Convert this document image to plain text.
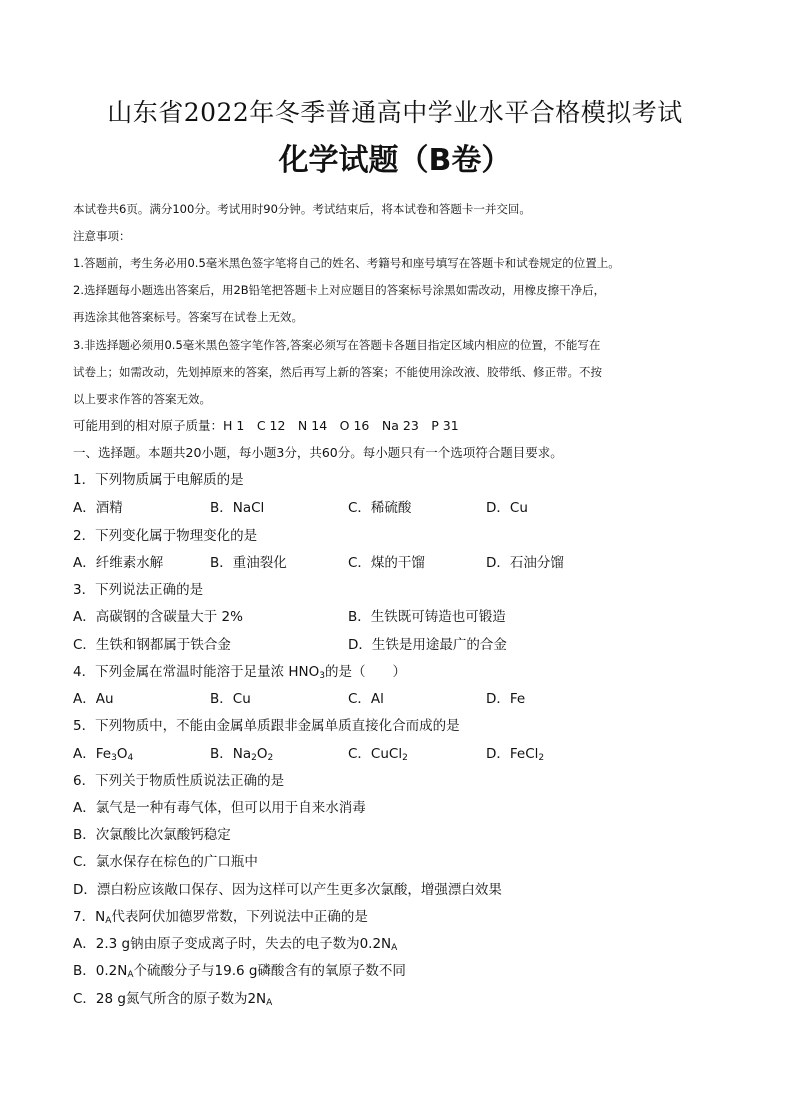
山东省2022年冬季普通高中学业水平合格模拟考试
化学试题（B卷）
本试卷共6页。满分100分。考试用时90分钟。考试结束后，将本试卷和答题卡一并交回。
注意事项：
1.答题前，考生务必用0.5毫米黑色签字笔将自己的姓名、考籍号和座号填写在答题卡和试卷规定的位置上。
2.选择题每小题选出答案后，用2B铅笔把答题卡上对应题目的答案标号涂黑如需改动，用橡皮擦干净后，
再选涂其他答案标号。答案写在试卷上无效。
3.非选择题必须用0.5毫米黑色签字笔作答,答案必须写在答题卡各题目指定区域内相应的位置，不能写在
试卷上；如需改动，先划掉原来的答案，然后再写上新的答案；不能使用涂改液、胶带纸、修正带。不按
以上要求作答的答案无效。
可能用到的相对原子质量：H 1　C 12　N 14　O 16　Na 23　P 31
一、选择题。本题共20小题，每小题3分，共60分。每小题只有一个选项符合题目要求。
1．下列物质属于电解质的是
A．酒精	B．NaCl	C．稀硫酸	D．Cu
2．下列变化属于物理变化的是
A．纤维素水解	B．重油裂化	C．煤的干馏	D．石油分馏
3．下列说法正确的是
A．高碳钢的含碳量大于 2%	B．生铁既可铸造也可锻造
C．生铁和钢都属于铁合金	D．生铁是用途最广的合金
4．下列金属在常温时能溶于足量浓 $HNO_3$的是（　　）
A．Au	B．Cu	C．Al	D．Fe
5．下列物质中，不能由金属单质跟非金属单质直接化合而成的是
A．$Fe_3O_4$	B．$Na_2O_2$	C．CuCl$_2$	D．FeCl$_2$
6．下列关于物质性质说法正确的是
A．氯气是一种有毒气体，但可以用于自来水消毒
B．次氯酸比次氯酸钙稳定
C．氯水保存在棕色的广口瓶中
D．漂白粉应该敞口保存、因为这样可以产生更多次氯酸，增强漂白效果
7．$N_A$代表阿伏加德罗常数，下列说法中正确的是
A．2.3 g钠由原子变成离子时，失去的电子数为$0.2N_A$
B．$0.2N_A$个硫酸分子与19.6 g磷酸含有的氧原子数不同
C．28 g氮气所含的原子数为$2N_A$
